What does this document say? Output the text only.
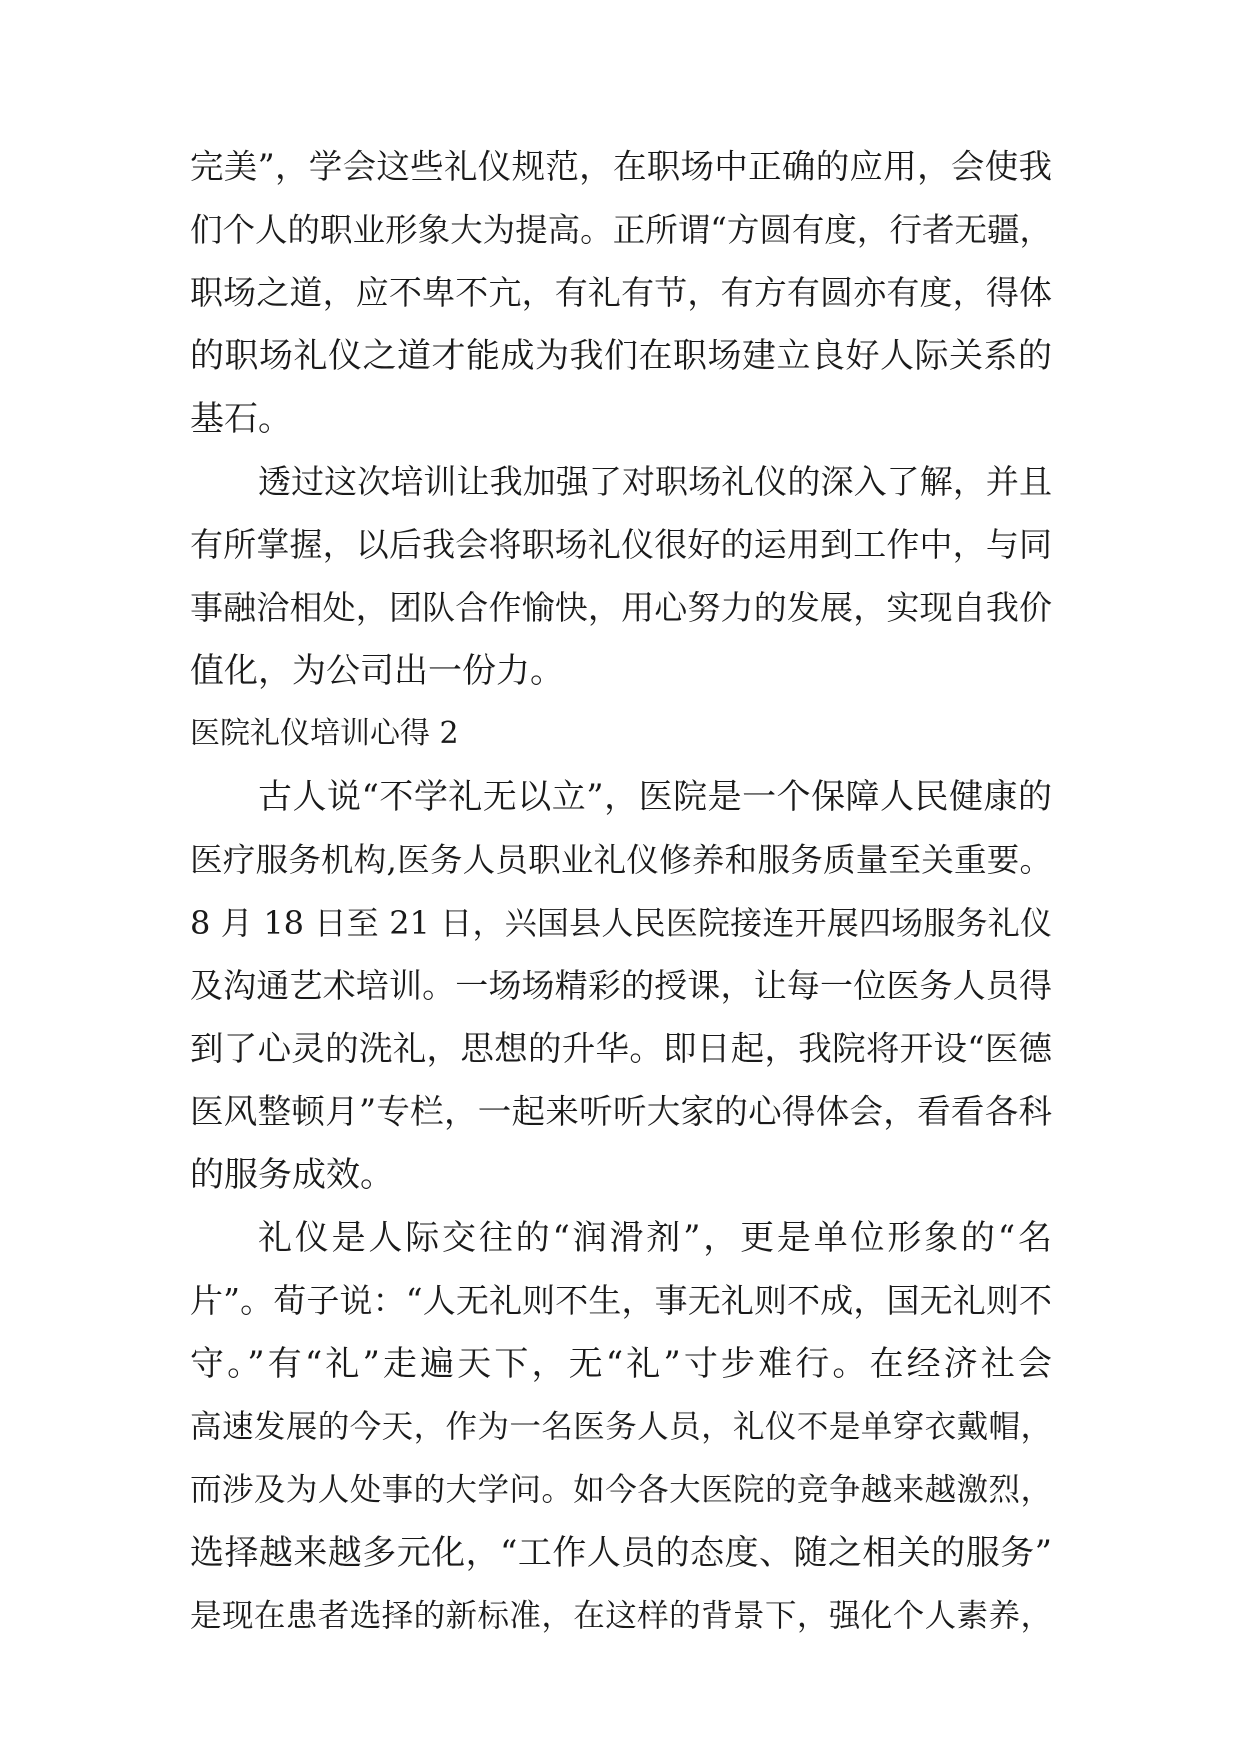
完美”，学会这些礼仪规范，在职场中正确的应用，会使我
们个人的职业形象大为提高。正所谓“方圆有度，行者无疆，
职场之道，应不卑不亢，有礼有节，有方有圆亦有度，得体
的职场礼仪之道才能成为我们在职场建立良好人际关系的
基石。
透过这次培训让我加强了对职场礼仪的深入了解，并且
有所掌握，以后我会将职场礼仪很好的运用到工作中，与同
事融洽相处，团队合作愉快，用心努力的发展，实现自我价
值化，为公司出一份力。
医院礼仪培训心得 2
古人说“不学礼无以立”，医院是一个保障人民健康的
医疗服务机构,医务人员职业礼仪修养和服务质量至关重要。
8 月 18 日至 21 日，兴国县人民医院接连开展四场服务礼仪
及沟通艺术培训。一场场精彩的授课，让每一位医务人员得
到了心灵的洗礼，思想的升华。即日起，我院将开设“医德
医风整顿月”专栏，一起来听听大家的心得体会，看看各科
的服务成效。
礼仪是人际交往的“润滑剂”，更是单位形象的“名
片”。荀子说：“人无礼则不生，事无礼则不成，国无礼则不
守。”有“礼”走遍天下，无“礼”寸步难行。在经济社会
高速发展的今天，作为一名医务人员，礼仪不是单穿衣戴帽，
而涉及为人处事的大学问。如今各大医院的竞争越来越激烈，
选择越来越多元化，“工作人员的态度、随之相关的服务”
是现在患者选择的新标准，在这样的背景下，强化个人素养，
